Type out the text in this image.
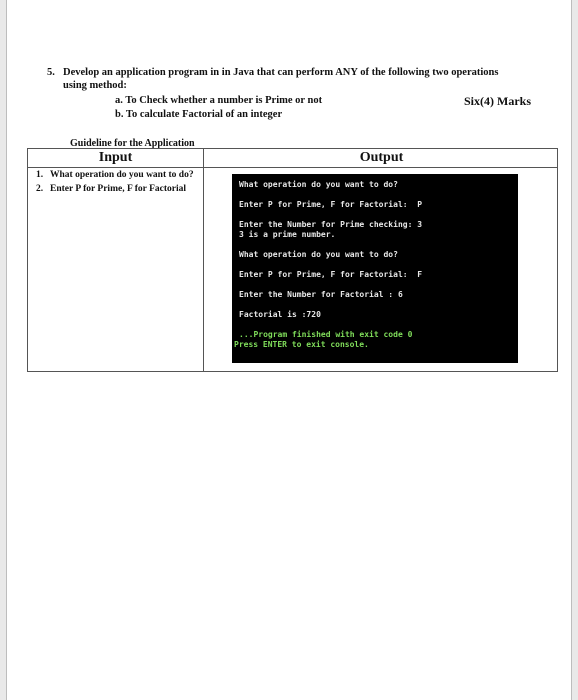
5. Develop an application program in in Java that can perform ANY of the following two operations
using method:
a. To Check whether a number is Prime or not
b. To calculate Factorial of an integer
Six(4) Marks
Guideline for the Application
Input	Output
1. What operation do you want to do?
2. Enter P for Prime, F for Factorial	What operation do you want to do?
Enter P for Prime, F for Factorial:  P
Enter the Number for Prime checking: 3
3 is a prime number.
What operation do you want to do?
Enter P for Prime, F for Factorial:  F
Enter the Number for Factorial : 6
Factorial is :720
...Program finished with exit code 0
Press ENTER to exit console.
